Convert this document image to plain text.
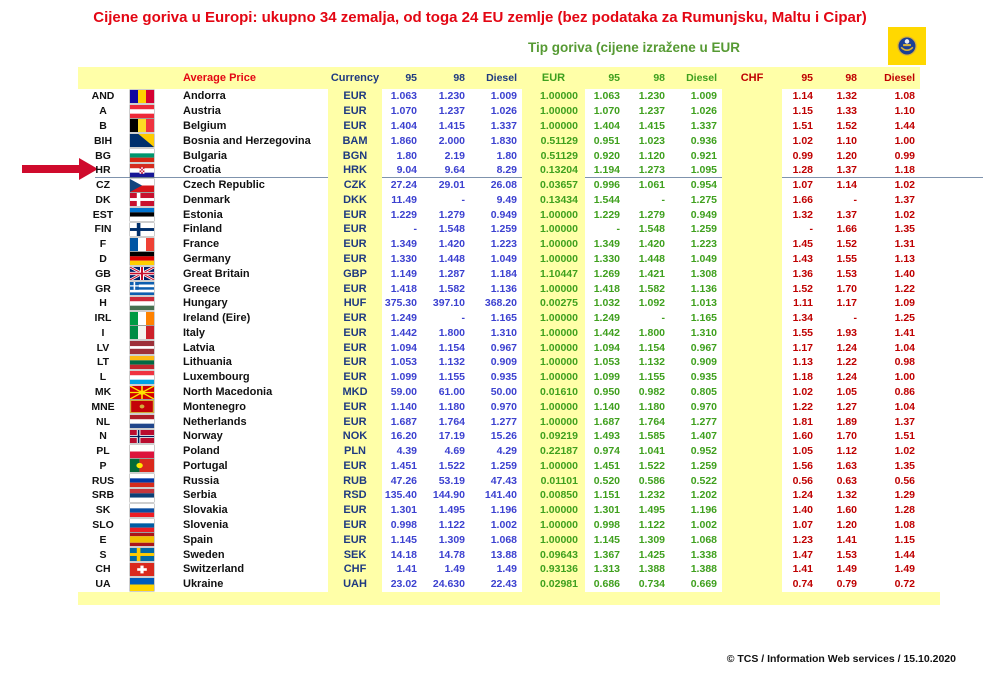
Cijene goriva u Europi: ukupno 34 zemalja, od toga 24 EU zemlje (bez podataka za Rumunjsku, Maltu i Cipar)
Tip goriva (cijene izražene u EUR
Average Price	Currency	95	98	Diesel	EUR	95	98	Diesel	CHF	95	98	Diesel
AND	Andorra	EUR	1.063	1.230	1.009	1.00000	1.063	1.230	1.009	1.14	1.32	1.08
A	Austria	EUR	1.070	1.237	1.026	1.00000	1.070	1.237	1.026	1.15	1.33	1.10
B	Belgium	EUR	1.404	1.415	1.337	1.00000	1.404	1.415	1.337	1.51	1.52	1.44
BIH	Bosnia and Herzegovina	BAM	1.860	2.000	1.830	0.51129	0.951	1.023	0.936	1.02	1.10	1.00
BG	Bulgaria	BGN	1.80	2.19	1.80	0.51129	0.920	1.120	0.921	0.99	1.20	0.99
HR	Croatia	HRK	9.04	9.64	8.29	0.13204	1.194	1.273	1.095	1.28	1.37	1.18
CZ	Czech Republic	CZK	27.24	29.01	26.08	0.03657	0.996	1.061	0.954	1.07	1.14	1.02
DK	Denmark	DKK	11.49	-	9.49	0.13434	1.544	-	1.275	1.66	-	1.37
EST	Estonia	EUR	1.229	1.279	0.949	1.00000	1.229	1.279	0.949	1.32	1.37	1.02
FIN	Finland	EUR	-	1.548	1.259	1.00000	-	1.548	1.259	-	1.66	1.35
F	France	EUR	1.349	1.420	1.223	1.00000	1.349	1.420	1.223	1.45	1.52	1.31
D	Germany	EUR	1.330	1.448	1.049	1.00000	1.330	1.448	1.049	1.43	1.55	1.13
GB	Great Britain	GBP	1.149	1.287	1.184	1.10447	1.269	1.421	1.308	1.36	1.53	1.40
GR	Greece	EUR	1.418	1.582	1.136	1.00000	1.418	1.582	1.136	1.52	1.70	1.22
H	Hungary	HUF	375.30	397.10	368.20	0.00275	1.032	1.092	1.013	1.11	1.17	1.09
IRL	Ireland (Eire)	EUR	1.249	-	1.165	1.00000	1.249	-	1.165	1.34	-	1.25
I	Italy	EUR	1.442	1.800	1.310	1.00000	1.442	1.800	1.310	1.55	1.93	1.41
LV	Latvia	EUR	1.094	1.154	0.967	1.00000	1.094	1.154	0.967	1.17	1.24	1.04
LT	Lithuania	EUR	1.053	1.132	0.909	1.00000	1.053	1.132	0.909	1.13	1.22	0.98
L	Luxembourg	EUR	1.099	1.155	0.935	1.00000	1.099	1.155	0.935	1.18	1.24	1.00
MK	North Macedonia	MKD	59.00	61.00	50.00	0.01610	0.950	0.982	0.805	1.02	1.05	0.86
MNE	Montenegro	EUR	1.140	1.180	0.970	1.00000	1.140	1.180	0.970	1.22	1.27	1.04
NL	Netherlands	EUR	1.687	1.764	1.277	1.00000	1.687	1.764	1.277	1.81	1.89	1.37
N	Norway	NOK	16.20	17.19	15.26	0.09219	1.493	1.585	1.407	1.60	1.70	1.51
PL	Poland	PLN	4.39	4.69	4.29	0.22187	0.974	1.041	0.952	1.05	1.12	1.02
P	Portugal	EUR	1.451	1.522	1.259	1.00000	1.451	1.522	1.259	1.56	1.63	1.35
RUS	Russia	RUB	47.26	53.19	47.43	0.01101	0.520	0.586	0.522	0.56	0.63	0.56
SRB	Serbia	RSD	135.40	144.90	141.40	0.00850	1.151	1.232	1.202	1.24	1.32	1.29
SK	Slovakia	EUR	1.301	1.495	1.196	1.00000	1.301	1.495	1.196	1.40	1.60	1.28
SLO	Slovenia	EUR	0.998	1.122	1.002	1.00000	0.998	1.122	1.002	1.07	1.20	1.08
E	Spain	EUR	1.145	1.309	1.068	1.00000	1.145	1.309	1.068	1.23	1.41	1.15
S	Sweden	SEK	14.18	14.78	13.88	0.09643	1.367	1.425	1.338	1.47	1.53	1.44
CH	Switzerland	CHF	1.41	1.49	1.49	0.93136	1.313	1.388	1.388	1.41	1.49	1.49
UA	Ukraine	UAH	23.02	24.630	22.43	0.02981	0.686	0.734	0.669	0.74	0.79	0.72
© TCS / Information Web services / 15.10.2020
